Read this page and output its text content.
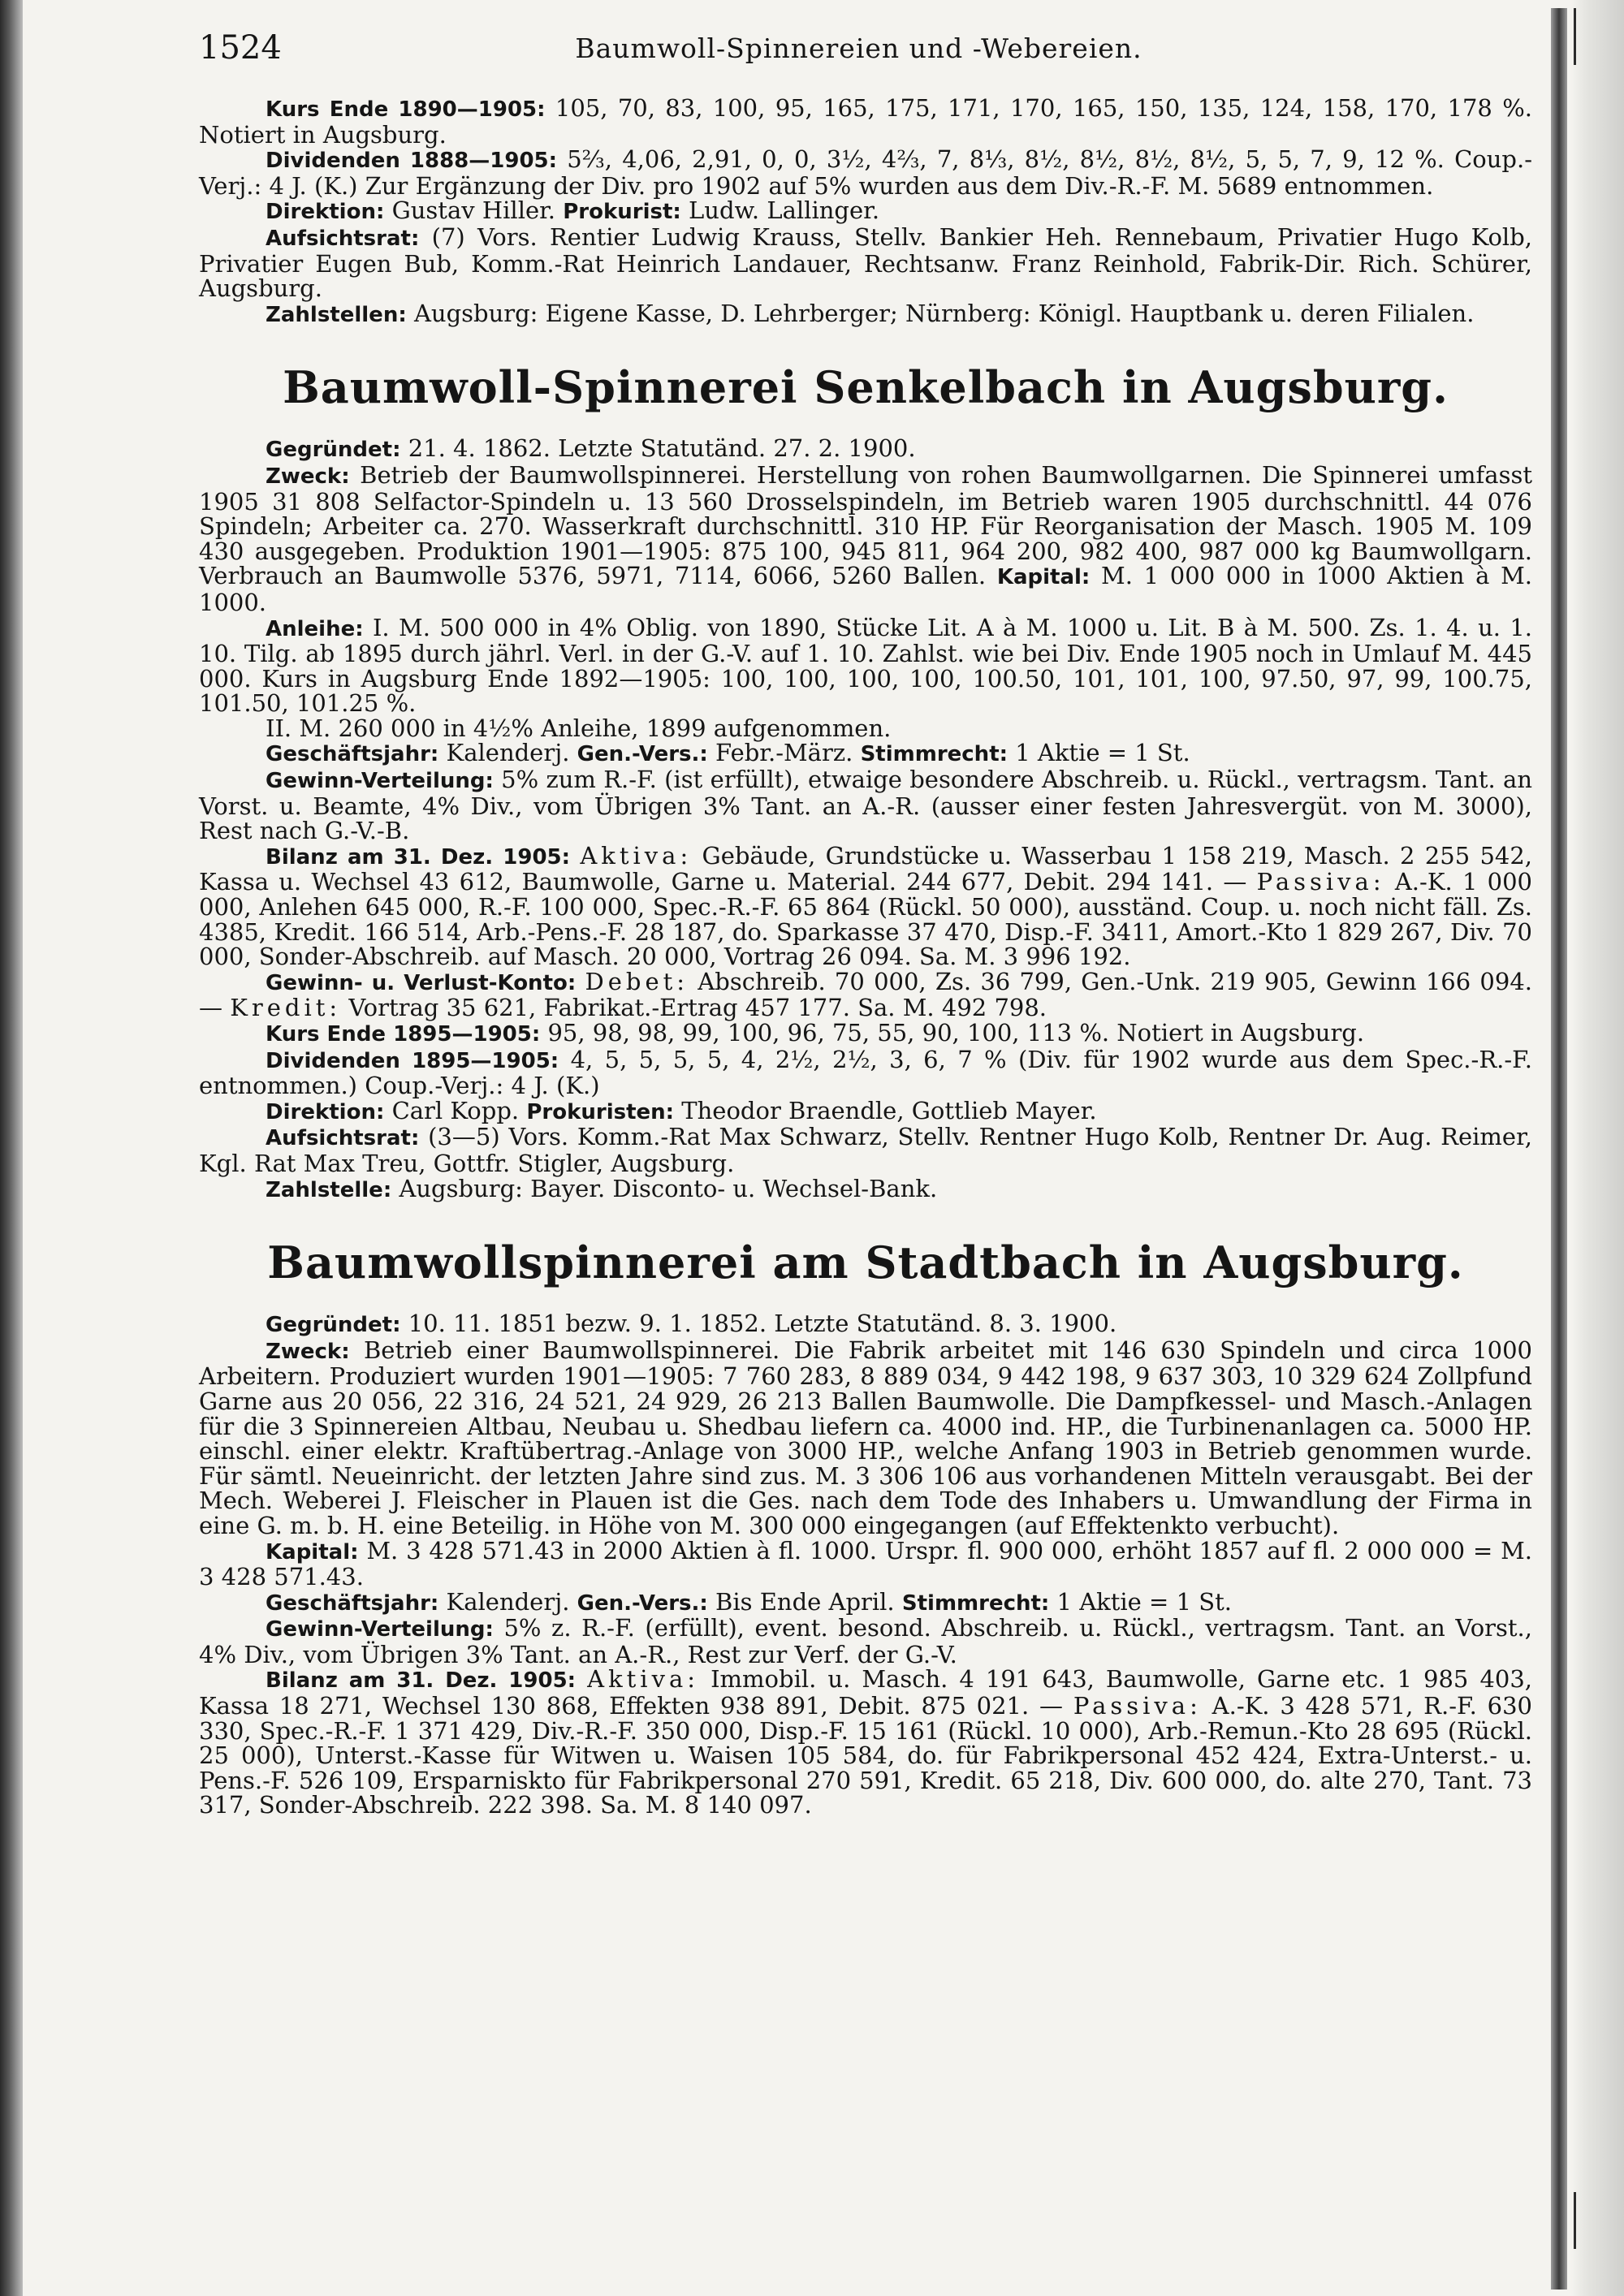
1524	Baumwoll-Spinnereien und -Webereien.

Kurs Ende 1890—1905: 105, 70, 83, 100, 95, 165, 175, 171, 170, 165, 150, 135, 124, 158, 170, 178 %. Notiert in Augsburg.

Dividenden 1888—1905: 5⅔, 4,06, 2,91, 0, 0, 3½, 4⅔, 7, 8⅓, 8½, 8½, 8½, 8½, 5, 5, 7, 9, 12 %. Coup.-Verj.: 4 J. (K.) Zur Ergänzung der Div. pro 1902 auf 5% wurden aus dem Div.-R.-F. M. 5689 entnommen.

Direktion: Gustav Hiller. Prokurist: Ludw. Lallinger.

Aufsichtsrat: (7) Vors. Rentier Ludwig Krauss, Stellv. Bankier Heh. Rennebaum, Privatier Hugo Kolb, Privatier Eugen Bub, Komm.-Rat Heinrich Landauer, Rechtsanw. Franz Reinhold, Fabrik-Dir. Rich. Schürer, Augsburg.

Zahlstellen: Augsburg: Eigene Kasse, D. Lehrberger; Nürnberg: Königl. Hauptbank u. deren Filialen.

Baumwoll-Spinnerei Senkelbach in Augsburg.

Gegründet: 21. 4. 1862. Letzte Statutänd. 27. 2. 1900.

Zweck: Betrieb der Baumwollspinnerei. Herstellung von rohen Baumwollgarnen. Die Spinnerei umfasst 1905 31 808 Selfactor-Spindeln u. 13 560 Drosselspindeln, im Betrieb waren 1905 durchschnittl. 44 076 Spindeln; Arbeiter ca. 270. Wasserkraft durchschnittl. 310 HP. Für Reorganisation der Masch. 1905 M. 109 430 ausgegeben. Produktion 1901—1905: 875 100, 945 811, 964 200, 982 400, 987 000 kg Baumwollgarn. Verbrauch an Baumwolle 5376, 5971, 7114, 6066, 5260 Ballen. Kapital: M. 1 000 000 in 1000 Aktien à M. 1000.

Anleihe: I. M. 500 000 in 4% Oblig. von 1890, Stücke Lit. A à M. 1000 u. Lit. B à M. 500. Zs. 1. 4. u. 1. 10. Tilg. ab 1895 durch jährl. Verl. in der G.-V. auf 1. 10. Zahlst. wie bei Div. Ende 1905 noch in Umlauf M. 445 000. Kurs in Augsburg Ende 1892—1905: 100, 100, 100, 100, 100.50, 101, 101, 100, 97.50, 97, 99, 100.75, 101.50, 101.25 %.

II. M. 260 000 in 4½% Anleihe, 1899 aufgenommen.

Geschäftsjahr: Kalenderj. Gen.-Vers.: Febr.-März. Stimmrecht: 1 Aktie = 1 St.

Gewinn-Verteilung: 5% zum R.-F. (ist erfüllt), etwaige besondere Abschreib. u. Rückl., vertragsm. Tant. an Vorst. u. Beamte, 4% Div., vom Übrigen 3% Tant. an A.-R. (ausser einer festen Jahresvergüt. von M. 3000), Rest nach G.-V.-B.

Bilanz am 31. Dez. 1905: Aktiva: Gebäude, Grundstücke u. Wasserbau 1 158 219, Masch. 2 255 542, Kassa u. Wechsel 43 612, Baumwolle, Garne u. Material. 244 677, Debit. 294 141. — Passiva: A.-K. 1 000 000, Anlehen 645 000, R.-F. 100 000, Spec.-R.-F. 65 864 (Rückl. 50 000), ausständ. Coup. u. noch nicht fäll. Zs. 4385, Kredit. 166 514, Arb.-Pens.-F. 28 187, do. Sparkasse 37 470, Disp.-F. 3411, Amort.-Kto 1 829 267, Div. 70 000, Sonder-Abschreib. auf Masch. 20 000, Vortrag 26 094. Sa. M. 3 996 192.

Gewinn- u. Verlust-Konto: Debet: Abschreib. 70 000, Zs. 36 799, Gen.-Unk. 219 905, Gewinn 166 094. — Kredit: Vortrag 35 621, Fabrikat.-Ertrag 457 177. Sa. M. 492 798.

Kurs Ende 1895—1905: 95, 98, 98, 99, 100, 96, 75, 55, 90, 100, 113 %. Notiert in Augsburg.

Dividenden 1895—1905: 4, 5, 5, 5, 5, 4, 2½, 2½, 3, 6, 7 % (Div. für 1902 wurde aus dem Spec.-R.-F. entnommen.) Coup.-Verj.: 4 J. (K.)

Direktion: Carl Kopp. Prokuristen: Theodor Braendle, Gottlieb Mayer.

Aufsichtsrat: (3—5) Vors. Komm.-Rat Max Schwarz, Stellv. Rentner Hugo Kolb, Rentner Dr. Aug. Reimer, Kgl. Rat Max Treu, Gottfr. Stigler, Augsburg.

Zahlstelle: Augsburg: Bayer. Disconto- u. Wechsel-Bank.

Baumwollspinnerei am Stadtbach in Augsburg.

Gegründet: 10. 11. 1851 bezw. 9. 1. 1852. Letzte Statutänd. 8. 3. 1900.

Zweck: Betrieb einer Baumwollspinnerei. Die Fabrik arbeitet mit 146 630 Spindeln und circa 1000 Arbeitern. Produziert wurden 1901—1905: 7 760 283, 8 889 034, 9 442 198, 9 637 303, 10 329 624 Zollpfund Garne aus 20 056, 22 316, 24 521, 24 929, 26 213 Ballen Baumwolle. Die Dampfkessel- und Masch.-Anlagen für die 3 Spinnereien Altbau, Neubau u. Shedbau liefern ca. 4000 ind. HP., die Turbinenanlagen ca. 5000 HP. einschl. einer elektr. Kraftübertrag.-Anlage von 3000 HP., welche Anfang 1903 in Betrieb genommen wurde. Für sämtl. Neueinricht. der letzten Jahre sind zus. M. 3 306 106 aus vorhandenen Mitteln verausgabt. Bei der Mech. Weberei J. Fleischer in Plauen ist die Ges. nach dem Tode des Inhabers u. Umwandlung der Firma in eine G. m. b. H. eine Beteilig. in Höhe von M. 300 000 eingegangen (auf Effektenkto verbucht).

Kapital: M. 3 428 571.43 in 2000 Aktien à fl. 1000. Urspr. fl. 900 000, erhöht 1857 auf fl. 2 000 000 = M. 3 428 571.43.

Geschäftsjahr: Kalenderj. Gen.-Vers.: Bis Ende April. Stimmrecht: 1 Aktie = 1 St.

Gewinn-Verteilung: 5% z. R.-F. (erfüllt), event. besond. Abschreib. u. Rückl., vertragsm. Tant. an Vorst., 4% Div., vom Übrigen 3% Tant. an A.-R., Rest zur Verf. der G.-V.

Bilanz am 31. Dez. 1905: Aktiva: Immobil. u. Masch. 4 191 643, Baumwolle, Garne etc. 1 985 403, Kassa 18 271, Wechsel 130 868, Effekten 938 891, Debit. 875 021. — Passiva: A.-K. 3 428 571, R.-F. 630 330, Spec.-R.-F. 1 371 429, Div.-R.-F. 350 000, Disp.-F. 15 161 (Rückl. 10 000), Arb.-Remun.-Kto 28 695 (Rückl. 25 000), Unterst.-Kasse für Witwen u. Waisen 105 584, do. für Fabrikpersonal 452 424, Extra-Unterst.- u. Pens.-F. 526 109, Ersparniskto für Fabrikpersonal 270 591, Kredit. 65 218, Div. 600 000, do. alte 270, Tant. 73 317, Sonder-Abschreib. 222 398. Sa. M. 8 140 097.
